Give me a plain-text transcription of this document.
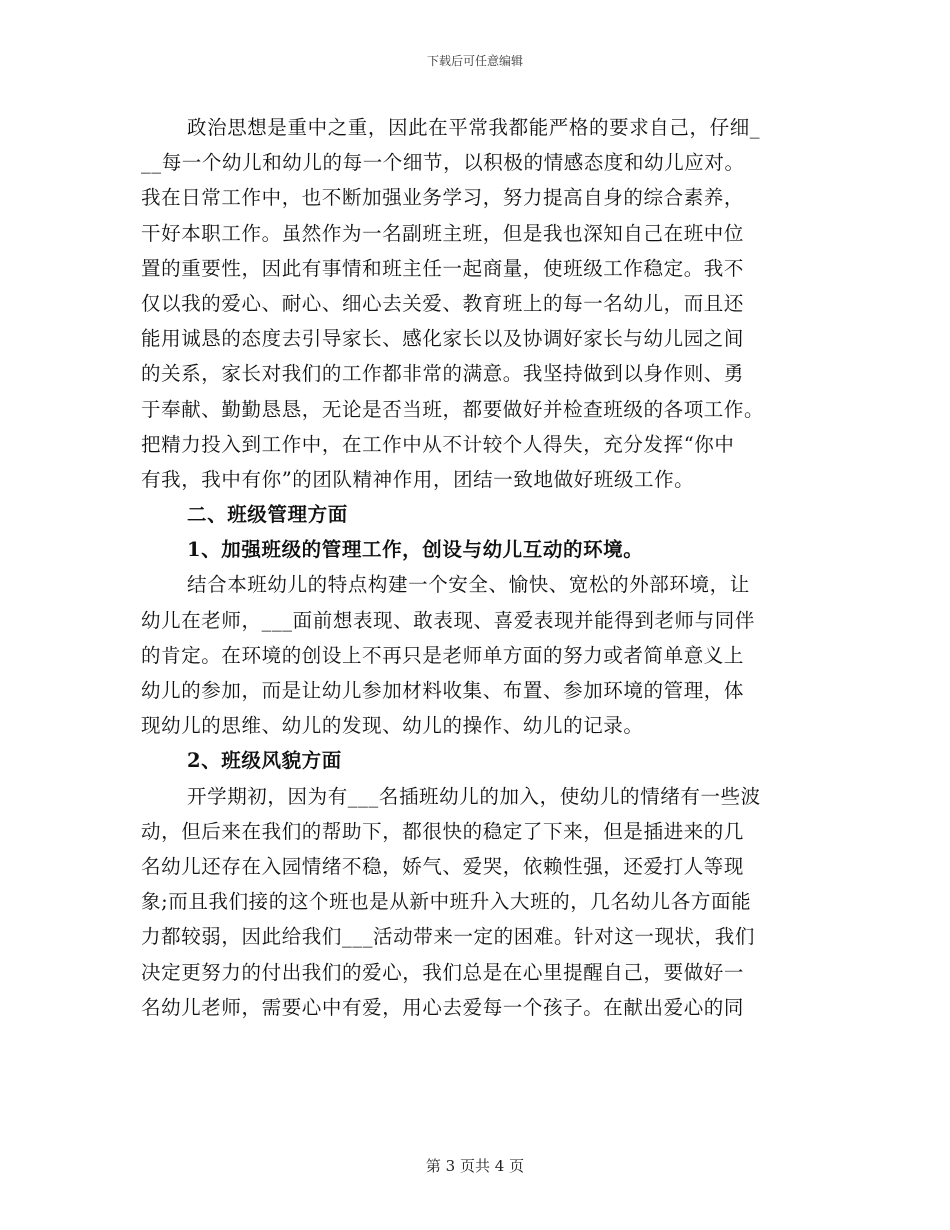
下载后可任意编辑
政治思想是重中之重，因此在平常我都能严格的要求自己，仔细_
__每一个幼儿和幼儿的每一个细节，以积极的情感态度和幼儿应对。
我在日常工作中，也不断加强业务学习，努力提高自身的综合素养，
干好本职工作。虽然作为一名副班主班，但是我也深知自己在班中位
置的重要性，因此有事情和班主任一起商量，使班级工作稳定。我不
仅以我的爱心、耐心、细心去关爱、教育班上的每一名幼儿，而且还
能用诚恳的态度去引导家长、感化家长以及协调好家长与幼儿园之间
的关系，家长对我们的工作都非常的满意。我坚持做到以身作则、勇
于奉献、勤勤恳恳，无论是否当班，都要做好并检查班级的各项工作。
把精力投入到工作中，在工作中从不计较个人得失，充分发挥“你中
有我，我中有你”的团队精神作用，团结一致地做好班级工作。
二、班级管理方面
1、加强班级的管理工作，创设与幼儿互动的环境。
结合本班幼儿的特点构建一个安全、愉快、宽松的外部环境，让
幼儿在老师，___面前想表现、敢表现、喜爱表现并能得到老师与同伴
的肯定。在环境的创设上不再只是老师单方面的努力或者简单意义上
幼儿的参加，而是让幼儿参加材料收集、布置、参加环境的管理，体
现幼儿的思维、幼儿的发现、幼儿的操作、幼儿的记录。
2、班级风貌方面
开学期初，因为有___名插班幼儿的加入，使幼儿的情绪有一些波
动，但后来在我们的帮助下，都很快的稳定了下来，但是插进来的几
名幼儿还存在入园情绪不稳，娇气、爱哭，依赖性强，还爱打人等现
象;而且我们接的这个班也是从新中班升入大班的，几名幼儿各方面能
力都较弱，因此给我们___活动带来一定的困难。针对这一现状，我们
决定更努力的付出我们的爱心，我们总是在心里提醒自己，要做好一
名幼儿老师，需要心中有爱，用心去爱每一个孩子。在献出爱心的同
第 3 页共 4 页
